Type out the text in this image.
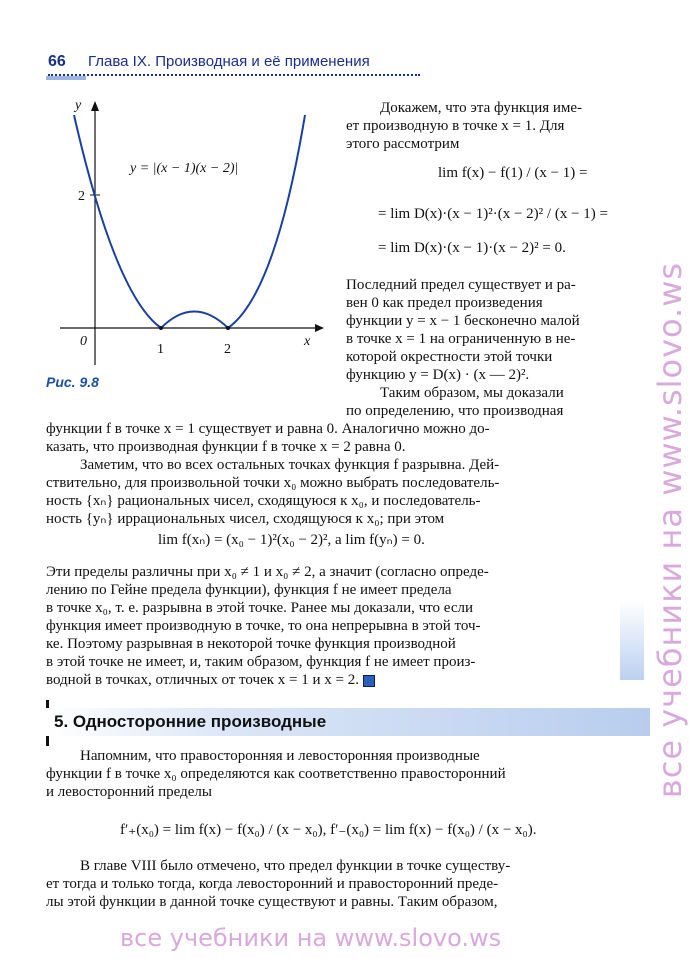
66 Глава IX. Производная и её применения
y
x
0
1	2
2
y = |(x − 1)(x − 2)|
Рис. 9.8
Докажем, что эта функция име-
ет производную в точке x = 1. Для
этого рассмотрим
lim f(x) − f(1) / (x − 1) =
= lim D(x)·(x − 1)²·(x − 2)² / (x − 1) =
= lim D(x)·(x − 1)·(x − 2)² = 0.
Последний предел существует и ра-
вен 0 как предел произведения
функции y = x − 1 бесконечно малой
в точке x = 1 на ограниченную в не-
которой окрестности этой точки
функцию y = D(x) · (x — 2)².
Таким образом, мы доказали
по определению, что производная
функции f в точке x = 1 существует и равна 0. Аналогично можно до-
казать, что производная функции f в точке x = 2 равна 0.
Заметим, что во всех остальных точках функция f разрывна. Дей-
ствительно, для произвольной точки x₀ можно выбрать последователь-
ность {xₙ} рациональных чисел, сходящуюся к x₀, и последователь-
ность {yₙ} иррациональных чисел, сходящуюся к x₀; при этом
lim f(xₙ) = (x₀ − 1)²(x₀ − 2)², а lim f(yₙ) = 0.
Эти пределы различны при x₀ ≠ 1 и x₀ ≠ 2, а значит (согласно опреде-
лению по Гейне предела функции), функция f не имеет предела
в точке x₀, т. е. разрывна в этой точке. Ранее мы доказали, что если
функция имеет производную в точке, то она непрерывна в этой точ-
ке. Поэтому разрывная в некоторой точке функция производной
в этой точке не имеет, и, таким образом, функция f не имеет произ-
водной в точках, отличных от точек x = 1 и x = 2.
5. Односторонние производные
Напомним, что правосторонняя и левосторонняя производные
функции f в точке x₀ определяются как соответственно правосторонний
и левосторонний пределы
f′₊(x₀) = lim f(x) − f(x₀) / (x − x₀), f′₋(x₀) = lim f(x) − f(x₀) / (x − x₀).
В главе VIII было отмечено, что предел функции в точке существу-
ет тогда и только тогда, когда левосторонний и правосторонний преде-
лы этой функции в данной точке существуют и равны. Таким образом,
все учебники на www.slovo.ws
все учебники на www.slovo.ws
